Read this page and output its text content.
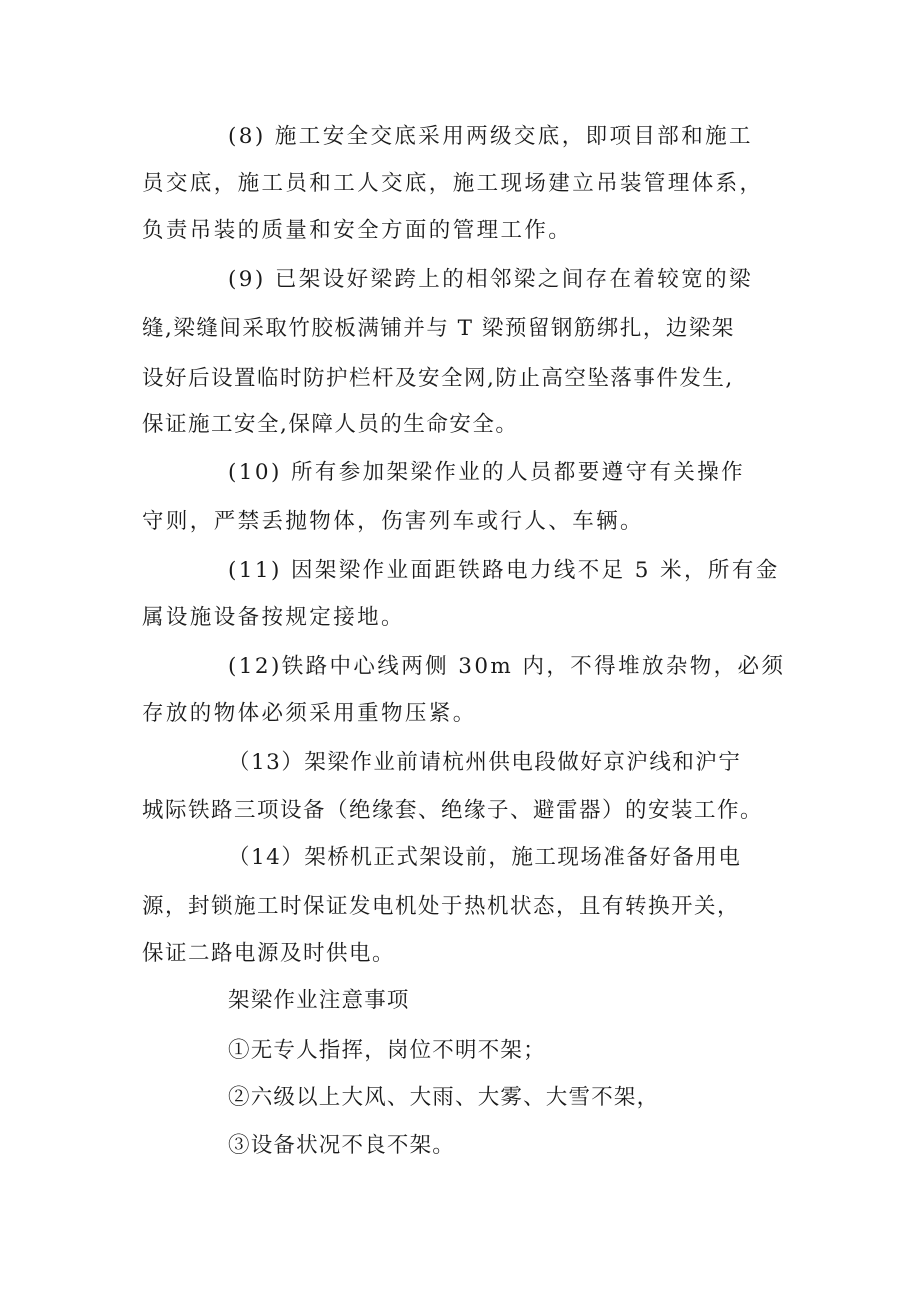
(8) 施工安全交底采用两级交底，即项目部和施工
员交底，施工员和工人交底，施工现场建立吊装管理体系，
负责吊装的质量和安全方面的管理工作。
(9) 已架设好梁跨上的相邻梁之间存在着较宽的梁
缝,梁缝间采取竹胶板满铺并与 T 梁预留钢筋绑扎，边梁架
设好后设置临时防护栏杆及安全网,防止高空坠落事件发生,
保证施工安全,保障人员的生命安全。
(10) 所有参加架梁作业的人员都要遵守有关操作
守则，严禁丢抛物体，伤害列车或行人、车辆。
(11) 因架梁作业面距铁路电力线不足 5 米，所有金
属设施设备按规定接地。
(12)铁路中心线两侧 30m 内，不得堆放杂物，必须
存放的物体必须采用重物压紧。
（13）架梁作业前请杭州供电段做好京沪线和沪宁
城际铁路三项设备（绝缘套、绝缘子、避雷器）的安装工作。
（14）架桥机正式架设前，施工现场准备好备用电
源，封锁施工时保证发电机处于热机状态，且有转换开关，
保证二路电源及时供电。
架梁作业注意事项
①无专人指挥，岗位不明不架；
②六级以上大风、大雨、大雾、大雪不架，
③设备状况不良不架。
